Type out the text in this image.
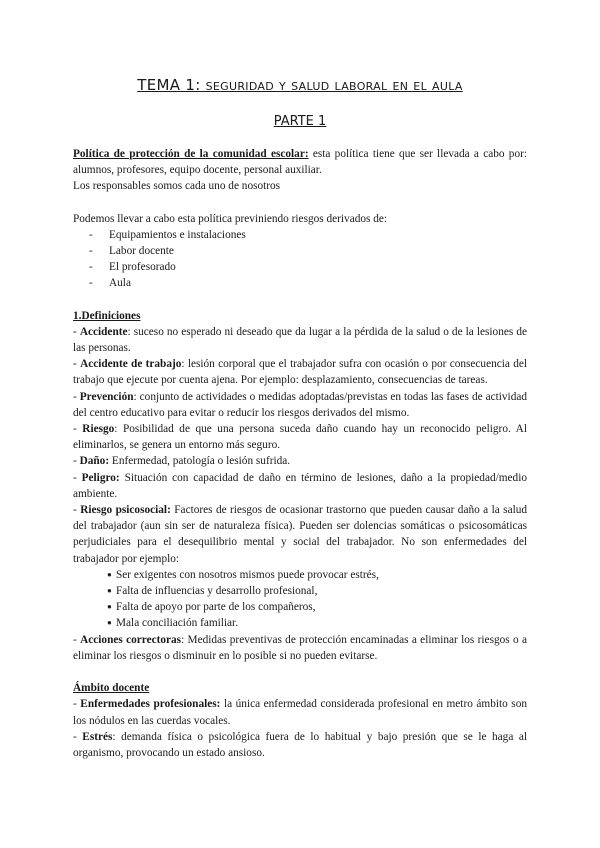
TEMA 1: seguridad y salud laboral en el aula
PARTE 1

Política de protección de la comunidad escolar: esta política tiene que ser llevada a cabo por: alumnos, profesores, equipo docente, personal auxiliar.

Los responsables somos cada uno de nosotros

Podemos llevar a cabo esta política previniendo riesgos derivados de:

- Equipamientos e instalaciones
- Labor docente
- El profesorado
- Aula

1.Definiciones

- Accidente: suceso no esperado ni deseado que da lugar a la pérdida de la salud o de la lesiones de las personas.

- Accidente de trabajo: lesión corporal que el trabajador sufra con ocasión o por consecuencia del trabajo que ejecute por cuenta ajena. Por ejemplo: desplazamiento, consecuencias de tareas.

- Prevención: conjunto de actividades o medidas adoptadas/previstas en todas las fases de actividad del centro educativo para evitar o reducir los riesgos derivados del mismo.

- Riesgo: Posibilidad de que una persona suceda daño cuando hay un reconocido peligro. Al eliminarlos, se genera un entorno más seguro.

- Daño: Enfermedad, patología o lesión sufrida.

- Peligro: Situación con capacidad de daño en término de lesiones, daño a la propiedad/medio ambiente.

- Riesgo psicosocial: Factores de riesgos de ocasionar trastorno que pueden causar daño a la salud del trabajador (aun sin ser de naturaleza física). Pueden ser dolencias somáticas o psicosomáticas perjudiciales para el desequilibrio mental y social del trabajador. No son enfermedades del trabajador por ejemplo:

● Ser exigentes con nosotros mismos puede provocar estrés,
● Falta de influencias y desarrollo profesional,
● Falta de apoyo por parte de los compañeros,
● Mala conciliación familiar.

- Acciones correctoras: Medidas preventivas de protección encaminadas a eliminar los riesgos o a eliminar los riesgos o disminuir en lo posible si no pueden evitarse.

Ámbito docente

- Enfermedades profesionales: la única enfermedad considerada profesional en metro ámbito son los nódulos en las cuerdas vocales.

- Estrés: demanda física o psicológica fuera de lo habitual y bajo presión que se le haga al organismo, provocando un estado ansioso.
